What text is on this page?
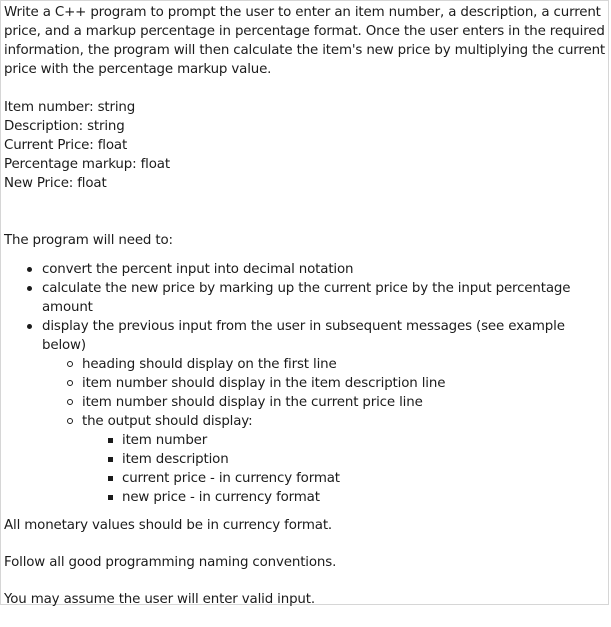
Write a C++ program to prompt the user to enter an item number, a description, a current price, and a markup percentage in percentage format. Once the user enters in the required information, the program will then calculate the item's new price by multiplying the current price with the percentage markup value.

Item number: string
Description: string
Current Price: float
Percentage markup: float
New Price: float

The program will need to:

convert the percent input into decimal notation
calculate the new price by marking up the current price by the input percentage amount
display the previous input from the user in subsequent messages (see example below)
heading should display on the first line
item number should display in the item description line
item number should display in the current price line
the output should display:
item number
item description
current price - in currency format
new price - in currency format

All monetary values should be in currency format.

Follow all good programming naming conventions.

You may assume the user will enter valid input.
